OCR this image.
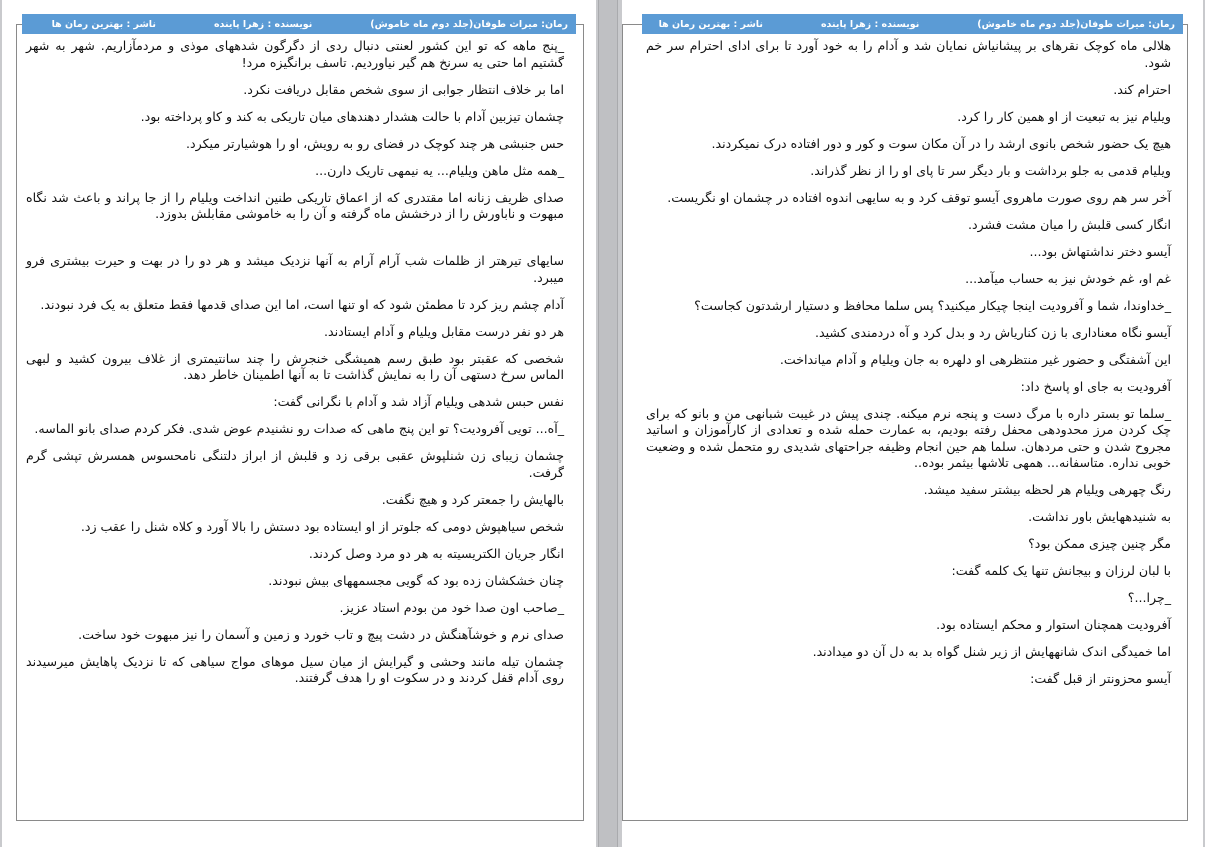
رمان: میراث طوفان(جلد دوم ماه خاموش)
نویسنده : زهرا پاینده
ناشر : بهترین رمان ها

_پنج ماهه که تو این کشور لعنتی دنبال ردی از دگرگون شدههای موذی و مردمآزاریم. شهر به شهر گشتیم اما حتی یه سرنخ هم گیر نیاوردیم. تاسف برانگیزه مرد!

اما بر خلاف انتظار جوابی از سوی شخص مقابل دریافت نکرد.

چشمان تیزبین آدام با حالت هشدار دهندهای میان تاریکی به کند و کاو پرداخته بود.

حس جنبشی هر چند کوچک در فضای رو به رویش، او را هوشیارتر میکرد.

_همه مثل ماهن ویلیام... یه نیمهی تاریک دارن...

صدای ظریف زنانه اما مقتدری که از اعماق تاریکی طنین انداخت ویلیام را از جا پراند و باعث شد نگاه مبهوت و ناباورش را از درخشش ماه گرفته و آن را به خاموشی مقابلش بدوزد.

سایهای تیرهتر از ظلمات شب آرام آرام به آنها نزدیک میشد و هر دو را در بهت و حیرت بیشتری فرو میبرد.

آدام چشم ریز کرد تا مطمئن شود که او تنها است، اما این صدای قدمها فقط متعلق به یک فرد نبودند.

هر دو نفر درست مقابل ویلیام و آدام ایستادند.

شخصی که عقبتر بود طبق رسم همیشگی خنجرش را چند سانتیمتری از غلاف بیرون کشید و لبهی الماس سرخ دستهی آن را به نمایش گذاشت تا به آنها اطمینان خاطر دهد.

نفس حبس شدهی ویلیام آزاد شد و آدام با نگرانی گفت:

_آه... تویی آفرودیت؟ تو این پنج ماهی که صدات رو نشنیدم عوض شدی. فکر کردم صدای بانو الماسه.

چشمان زیبای زن شنلپوش عقبی برقی زد و قلبش از ابراز دلتنگی نامحسوس همسرش تپشی گرم گرفت.

بالهایش را جمعتر کرد و هیچ نگفت.

شخص سیاهپوش دومی که جلوتر از او ایستاده بود دستش را بالا آورد و کلاه شنل را عقب زد.

انگار جریان الکتریسیته به هر دو مرد وصل کردند.

چنان خشکشان زده بود که گویی مجسمههای بیش نبودند.

_صاحب اون صدا خود من بودم استاد عزیز.

صدای نرم و خوشآهنگش در دشت پیچ و تاب خورد و زمین و آسمان را نیز مبهوت خود ساخت.

چشمان تیله مانند وحشی و گیرایش از میان سیل موهای مواج سیاهی که تا نزدیک پاهایش میرسیدند روی آدام قفل کردند و در سکوت او را هدف گرفتند.

رمان: میراث طوفان(جلد دوم ماه خاموش)
نویسنده : زهرا پاینده
ناشر : بهترین رمان ها

هلالی ماه کوچک نقرهای بر پیشانیاش نمایان شد و آدام را به خود آورد تا برای ادای احترام سر خم شود.

احترام کند.

ویلیام نیز به تبعیت از او همین کار را کرد.

هیچ یک حضور شخص بانوی ارشد را در آن مکان سوت و کور و دور افتاده درک نمیکردند.

ویلیام قدمی به جلو برداشت و بار دیگر سر تا پای او را از نظر گذراند.

آخر سر هم روی صورت ماهروی آیسو توقف کرد و به سایهی اندوه افتاده در چشمان او نگریست.

انگار کسی قلبش را میان مشت فشرد.

آیسو دختر نداشتهاش بود...

غم او، غم خودش نیز به حساب میآمد...

_خداوندا، شما و آفرودیت اینجا چیکار میکنید؟ پس سلما محافظ و دستیار ارشدتون کجاست؟

آیسو نگاه معناداری با زن کناریاش رد و بدل کرد و آه دردمندی کشید.

این آشفتگی و حضور غیر منتظرهی او دلهره به جان ویلیام و آدام میانداخت.

آفرودیت به جای او پاسخ داد:

_سلما تو بستر داره با مرگ دست و پنجه نرم میکنه. چندی پیش در غیبت شبانهی من و بانو که برای چک کردن مرز محدودهی محفل رفته بودیم، به عمارت حمله شده و تعدادی از کارآموزان و اساتید مجروح شدن و حتی مردهان. سلما هم حین انجام وظیفه جراحتهای شدیدی رو متحمل شده و وضعیت خوبی نداره. متاسفانه... همهی تلاشها بیثمر بوده..

رنگ چهرهی ویلیام هر لحظه بیشتر سفید میشد.

به شنیدههایش باور نداشت.

مگر چنین چیزی ممکن بود؟

با لبان لرزان و بیجانش تنها یک کلمه گفت:

_چرا...؟

آفرودیت همچنان استوار و محکم ایستاده بود.

اما خمیدگی اندک شانههایش از زیر شنل گواه بد به دل آن دو میدادند.

آیسو محزونتر از قبل گفت:
